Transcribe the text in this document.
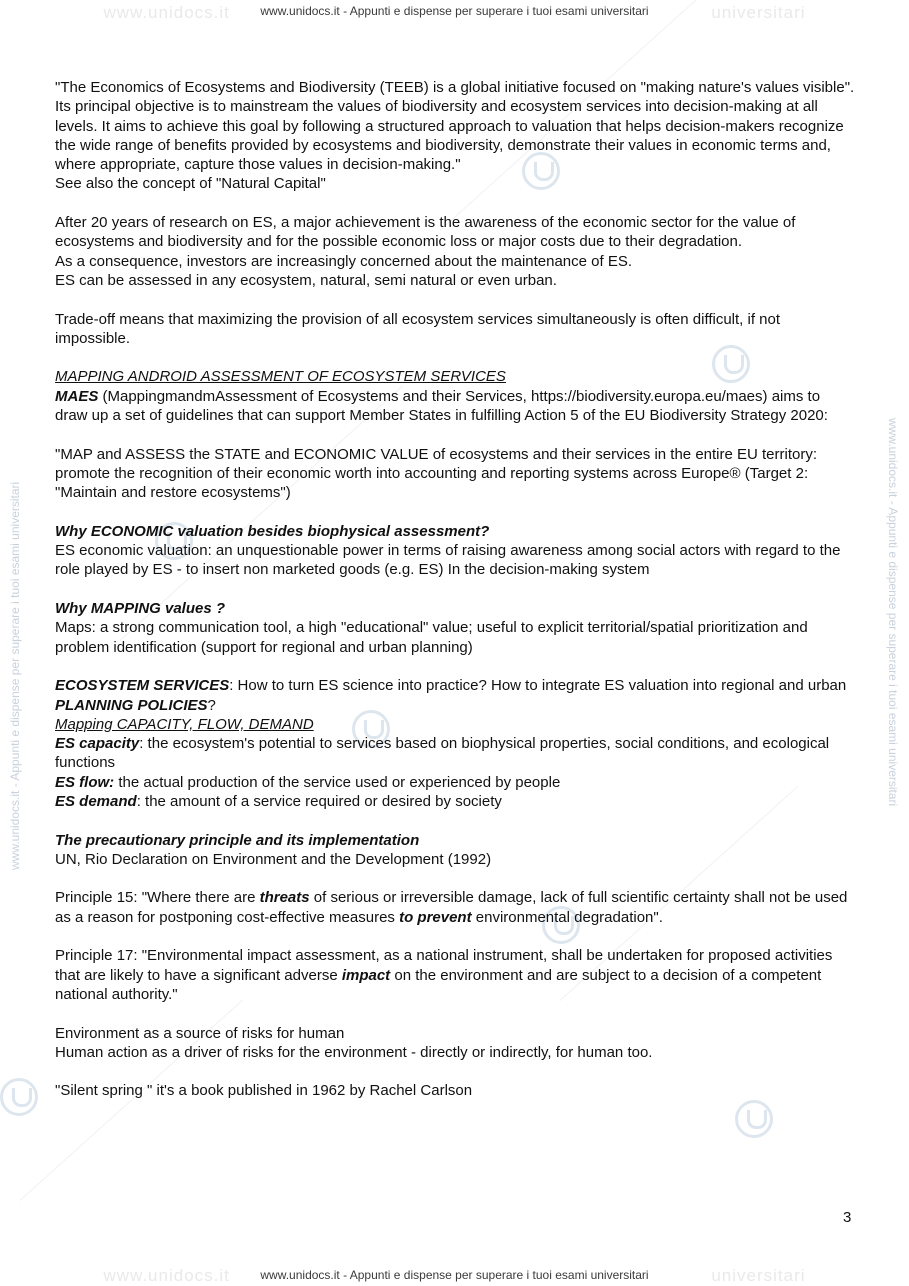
www.unidocs.it	universitari
www.unidocs.it - Appunti e dispense per superare i tuoi esami universitari
www.unidocs.it	universitari
www.unidocs.it - Appunti e dispense per superare i tuoi esami universitari
www.unidocs.it - Appunti e dispense per superare i tuoi esami universitari	www.unidocs.it - Appunti e dispense per superare i tuoi esami universitari

"The Economics of Ecosystems and Biodiversity (TEEB) is a global initiative focused on "making nature's values visible". Its principal objective is to mainstream the values of biodiversity and ecosystem services into decision-making at all levels. It aims to achieve this goal by following a structured approach to valuation that helps decision-makers recognize the wide range of benefits provided by ecosystems and biodiversity, demonstrate their values in economic terms and, where appropriate, capture those values in decision-making."

See also the concept of "Natural Capital"

After 20 years of research on ES, a major achievement is the awareness of the economic sector for the value of ecosystems and biodiversity and for the possible economic loss or major costs due to their degradation.

As a consequence, investors are increasingly concerned about the maintenance of ES.

ES can be assessed in any ecosystem, natural, semi natural or even urban.

Trade-off means that maximizing the provision of all ecosystem services simultaneously is often difficult, if not impossible.

MAPPING ANDROID ASSESSMENT OF ECOSYSTEM SERVICES

MAES (MappingmandmAssessment of Ecosystems and their Services, https://biodiversity.europa.eu/maes) aims to draw up a set of guidelines that can support Member States in fulfilling Action 5 of the EU Biodiversity Strategy 2020:

"MAP and ASSESS the STATE and ECONOMIC VALUE of ecosystems and their services in the entire EU territory: promote the recognition of their economic worth into accounting and reporting systems across Europe® (Target 2: "Maintain and restore ecosystems")

Why ECONOMIC valuation besides biophysical assessment?

ES economic valuation: an unquestionable power in terms of raising awareness among social actors with regard to the role played by ES - to insert non marketed goods (e.g. ES) In the decision-making system

Why MAPPING values ?

Maps: a strong communication tool, a high "educational" value; useful to explicit territorial/spatial prioritization and problem identification (support for regional and urban planning)

ECOSYSTEM SERVICES: How to turn ES science into practice? How to integrate ES valuation into regional and urban PLANNING POLICIES?

Mapping CAPACITY, FLOW, DEMAND

ES capacity: the ecosystem's potential to services based on biophysical properties, social conditions, and ecological functions

ES flow: the actual production of the service used or experienced by people

ES demand: the amount of a service required or desired by society

The precautionary principle and its implementation

UN, Rio Declaration on Environment and the Development (1992)

Principle 15: "Where there are threats of serious or irreversible damage, lack of full scientific certainty shall not be used as a reason for postponing cost-effective measures to prevent environmental degradation".

Principle 17: "Environmental impact assessment, as a national instrument, shall be undertaken for proposed activities that are likely to have a significant adverse impact on the environment and are subject to a decision of a competent national authority."

Environment as a source of risks for human

Human action as a driver of risks for the environment - directly or indirectly, for human too.

"Silent spring " it's a book published in 1962 by Rachel Carlson

3
